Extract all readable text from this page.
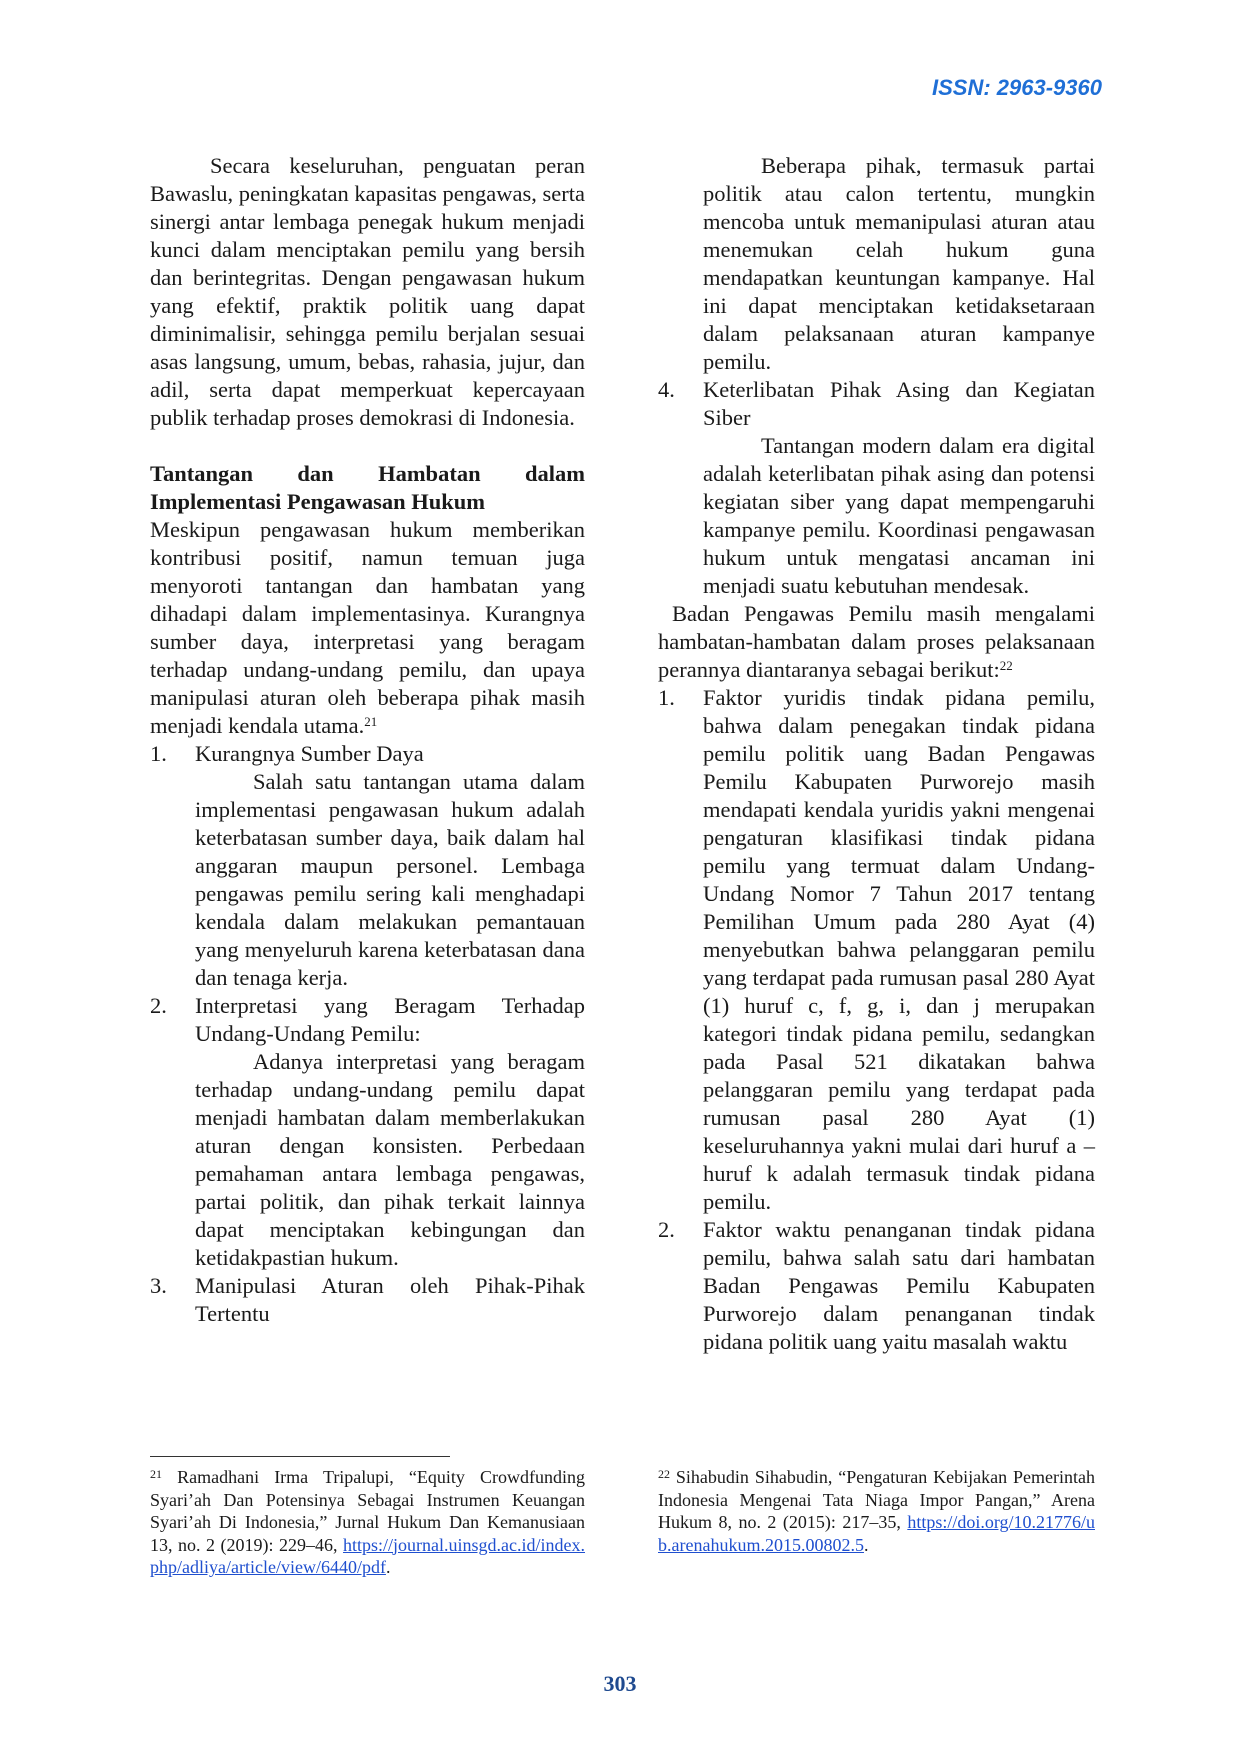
ISSN: 2963-9360

Secara keseluruhan, penguatan peran Bawaslu, peningkatan kapasitas pengawas, serta sinergi antar lembaga penegak hukum menjadi kunci dalam menciptakan pemilu yang bersih dan berintegritas. Dengan pengawasan hukum yang efektif, praktik politik uang dapat diminimalisir, sehingga pemilu berjalan sesuai asas langsung, umum, bebas, rahasia, jujur, dan adil, serta dapat memperkuat kepercayaan publik terhadap proses demokrasi di Indonesia.

Tantangan dan Hambatan dalam Implementasi Pengawasan Hukum

Meskipun pengawasan hukum memberikan kontribusi positif, namun temuan juga menyoroti tantangan dan hambatan yang dihadapi dalam implementasinya. Kurangnya sumber daya, interpretasi yang beragam terhadap undang-undang pemilu, dan upaya manipulasi aturan oleh beberapa pihak masih menjadi kendala utama.$^{21}$

1. Kurangnya Sumber Daya

Salah satu tantangan utama dalam implementasi pengawasan hukum adalah keterbatasan sumber daya, baik dalam hal anggaran maupun personel. Lembaga pengawas pemilu sering kali menghadapi kendala dalam melakukan pemantauan yang menyeluruh karena keterbatasan dana dan tenaga kerja.

2. Interpretasi yang Beragam Terhadap Undang-Undang Pemilu:

Adanya interpretasi yang beragam terhadap undang-undang pemilu dapat menjadi hambatan dalam memberlakukan aturan dengan konsisten. Perbedaan pemahaman antara lembaga pengawas, partai politik, dan pihak terkait lainnya dapat menciptakan kebingungan dan ketidakpastian hukum.

3. Manipulasi Aturan oleh Pihak-Pihak Tertentu

Beberapa pihak, termasuk partai politik atau calon tertentu, mungkin mencoba untuk memanipulasi aturan atau menemukan celah hukum guna mendapatkan keuntungan kampanye. Hal ini dapat menciptakan ketidaksetaraan dalam pelaksanaan aturan kampanye pemilu.

4. Keterlibatan Pihak Asing dan Kegiatan Siber

Tantangan modern dalam era digital adalah keterlibatan pihak asing dan potensi kegiatan siber yang dapat mempengaruhi kampanye pemilu. Koordinasi pengawasan hukum untuk mengatasi ancaman ini menjadi suatu kebutuhan mendesak.

Badan Pengawas Pemilu masih mengalami hambatan-hambatan dalam proses pelaksanaan perannya diantaranya sebagai berikut:$^{22}$

1. Faktor yuridis tindak pidana pemilu, bahwa dalam penegakan tindak pidana pemilu politik uang Badan Pengawas Pemilu Kabupaten Purworejo masih mendapati kendala yuridis yakni mengenai pengaturan klasifikasi tindak pidana pemilu yang termuat dalam Undang-Undang Nomor 7 Tahun 2017 tentang Pemilihan Umum pada 280 Ayat (4) menyebutkan bahwa pelanggaran pemilu yang terdapat pada rumusan pasal 280 Ayat (1) huruf c, f, g, i, dan j merupakan kategori tindak pidana pemilu, sedangkan pada Pasal 521 dikatakan bahwa pelanggaran pemilu yang terdapat pada rumusan pasal 280 Ayat (1) keseluruhannya yakni mulai dari huruf a – huruf k adalah termasuk tindak pidana pemilu.
2. Faktor waktu penanganan tindak pidana pemilu, bahwa salah satu dari hambatan Badan Pengawas Pemilu Kabupaten Purworejo dalam penanganan tindak pidana politik uang yaitu masalah waktu

$^{21}$ Ramadhani Irma Tripalupi, “Equity Crowdfunding Syari’ah Dan Potensinya Sebagai Instrumen Keuangan Syari’ah Di Indonesia,” Jurnal Hukum Dan Kemanusiaan 13, no. 2 (2019): 229–46, https://journal.uinsgd.ac.id/index.php/adliya/article/view/6440/pdf.

$^{22}$ Sihabudin Sihabudin, “Pengaturan Kebijakan Pemerintah Indonesia Mengenai Tata Niaga Impor Pangan,” Arena Hukum 8, no. 2 (2015): 217–35, https://doi.org/10.21776/ub.arenahukum.2015.00802.5.

303
